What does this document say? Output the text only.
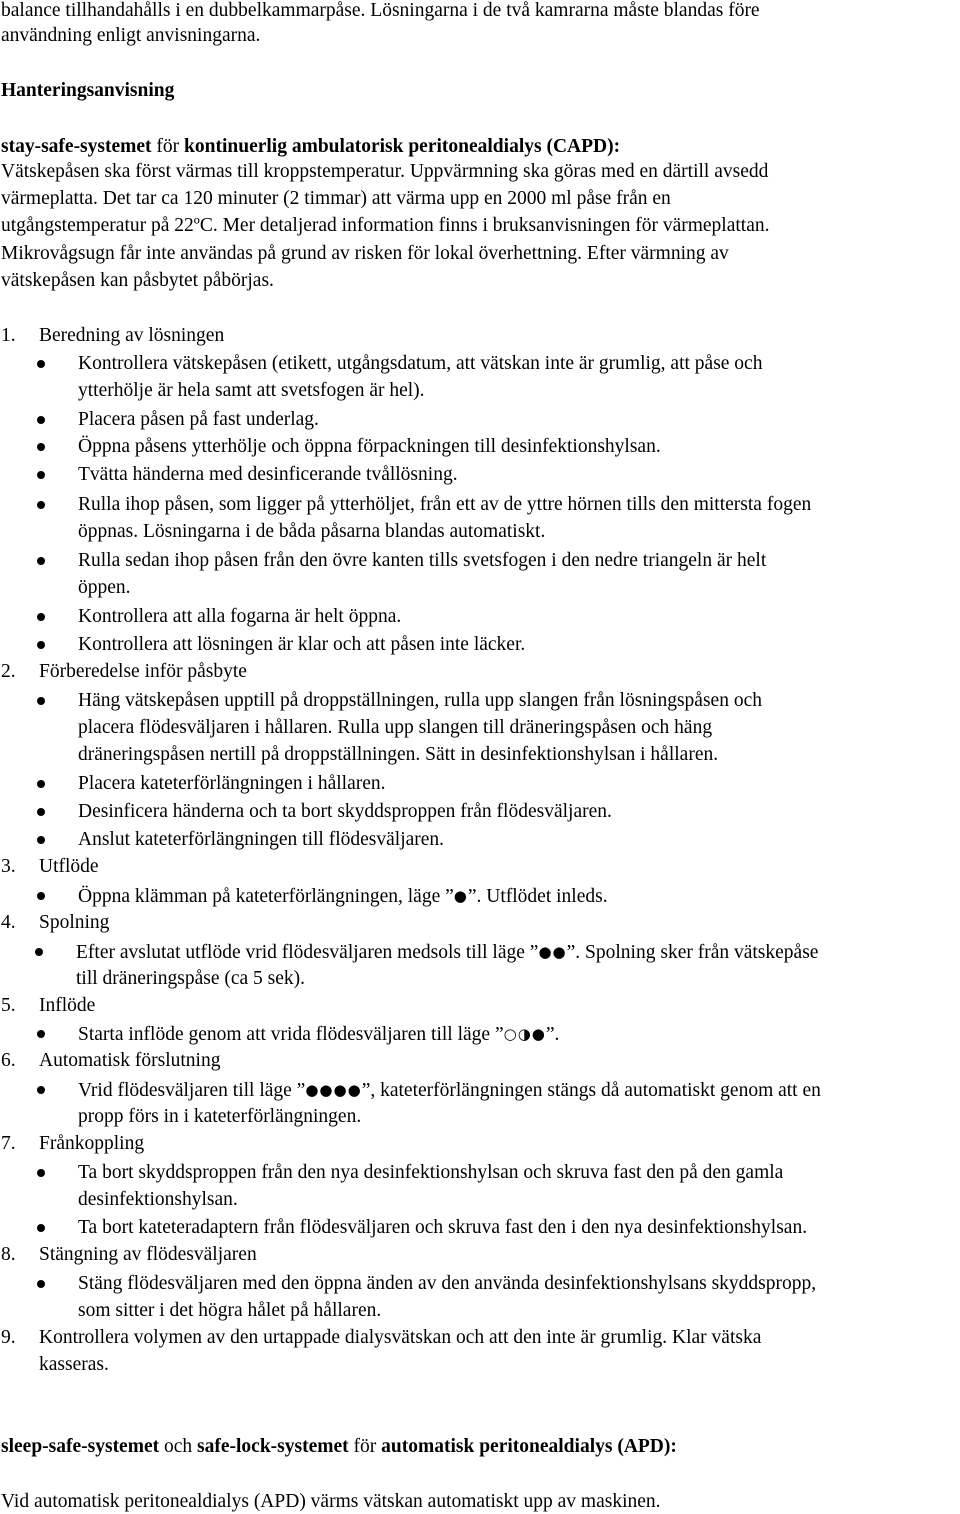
balance tillhandahålls i en dubbelkammarpåse. Lösningarna i de två kamrarna måste blandas före
användning enligt anvisningarna.
Hanteringsanvisning
stay-safe-systemet för kontinuerlig ambulatorisk peritonealdialys (CAPD):
Vätskepåsen ska först värmas till kroppstemperatur. Uppvärmning ska göras med en därtill avsedd
värmeplatta. Det tar ca 120 minuter (2 timmar) att värma upp en 2000 ml påse från en
utgångstemperatur på 22ºC. Mer detaljerad information finns i bruksanvisningen för värmeplattan.
Mikrovågsugn får inte användas på grund av risken för lokal överhettning. Efter värmning av
vätskepåsen kan påsbytet påbörjas.
1. Beredning av lösningen
Kontrollera vätskepåsen (etikett, utgångsdatum, att vätskan inte är grumlig, att påse och
ytterhölje är hela samt att svetsfogen är hel).
Placera påsen på fast underlag.
Öppna påsens ytterhölje och öppna förpackningen till desinfektionshylsan.
Tvätta händerna med desinficerande tvållösning.
Rulla ihop påsen, som ligger på ytterhöljet, från ett av de yttre hörnen tills den mittersta fogen
öppnas. Lösningarna i de båda påsarna blandas automatiskt.
Rulla sedan ihop påsen från den övre kanten tills svetsfogen i den nedre triangeln är helt
öppen.
Kontrollera att alla fogarna är helt öppna.
Kontrollera att lösningen är klar och att påsen inte läcker.
2. Förberedelse inför påsbyte
Häng vätskepåsen upptill på droppställningen, rulla upp slangen från lösningspåsen och
placera flödesväljaren i hållaren. Rulla upp slangen till dräneringspåsen och häng
dräneringspåsen nertill på droppställningen. Sätt in desinfektionshylsan i hållaren.
Placera kateterförlängningen i hållaren.
Desinficera händerna och ta bort skyddsproppen från flödesväljaren.
Anslut kateterförlängningen till flödesväljaren.
3. Utflöde
Öppna klämman på kateterförlängningen, läge ”●”. Utflödet inleds.
4. Spolning
Efter avslutat utflöde vrid flödesväljaren medsols till läge ”●●”. Spolning sker från vätskepåse
till dräneringspåse (ca 5 sek).
5. Inflöde
Starta inflöde genom att vrida flödesväljaren till läge ”○◑●”.
6. Automatisk förslutning
Vrid flödesväljaren till läge ”●●●●”, kateterförlängningen stängs då automatiskt genom att en
propp förs in i kateterförlängningen.
7. Frånkoppling
Ta bort skyddsproppen från den nya desinfektionshylsan och skruva fast den på den gamla
desinfektionshylsan.
Ta bort kateteradaptern från flödesväljaren och skruva fast den i den nya desinfektionshylsan.
8. Stängning av flödesväljaren
Stäng flödesväljaren med den öppna änden av den använda desinfektionshylsans skyddspropp,
som sitter i det högra hålet på hållaren.
9. Kontrollera volymen av den urtappade dialysvätskan och att den inte är grumlig. Klar vätska
kasseras.
sleep-safe-systemet och safe-lock-systemet för automatisk peritonealdialys (APD):
Vid automatisk peritonealdialys (APD) värms vätskan automatiskt upp av maskinen.
